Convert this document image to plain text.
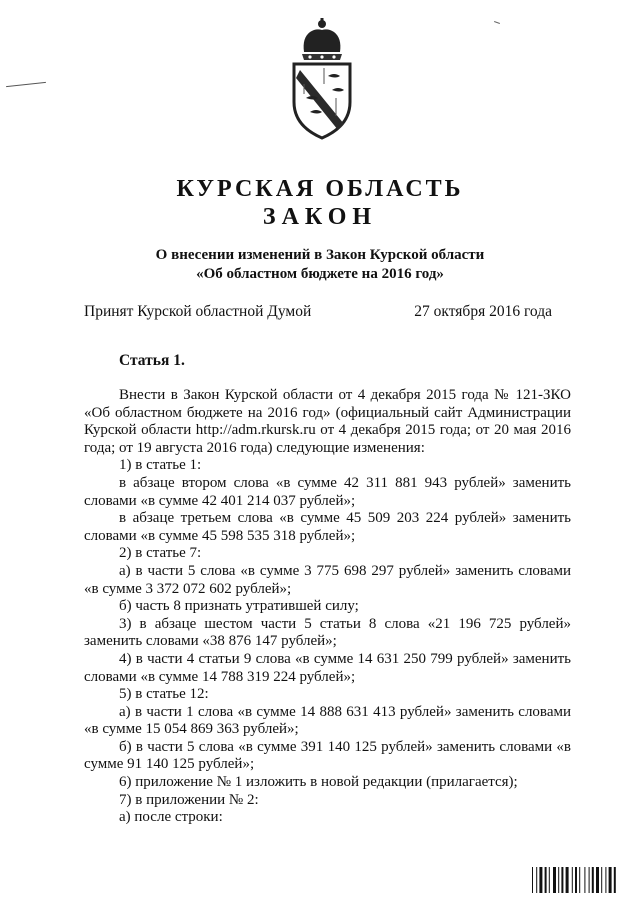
КУРСКАЯ ОБЛАСТЬ
ЗАКОН
О внесении изменений в Закон Курской области
«Об областном бюджете на 2016 год»
Принят Курской областной Думой	27 октября 2016 года
Статья 1.

Внести в Закон Курской области от 4 декабря 2015 года № 121-ЗКО «Об областном бюджете на 2016 год» (официальный сайт Администрации Курской области http://adm.rkursk.ru от 4 декабря 2015 года; от 20 мая 2016 года; от 19 августа 2016 года) следующие изменения:

1) в статье 1:

в абзаце втором слова «в сумме 42 311 881 943 рублей» заменить словами «в сумме 42 401 214 037 рублей»;

в абзаце третьем слова «в сумме 45 509 203 224 рублей» заменить словами «в сумме 45 598 535 318 рублей»;

2) в статье 7:

а) в части 5 слова «в сумме 3 775 698 297 рублей» заменить словами «в сумме 3 372 072 602 рублей»;

б) часть 8 признать утратившей силу;

3) в абзаце шестом части 5 статьи 8 слова «21 196 725 рублей» заменить словами «38 876 147 рублей»;

4) в части 4 статьи 9 слова «в сумме 14 631 250 799 рублей» заменить словами «в сумме 14 788 319 224 рублей»;

5) в статье 12:

а) в части 1 слова «в сумме 14 888 631 413 рублей» заменить словами «в сумме 15 054 869 363 рублей»;

б) в части 5 слова «в сумме 391 140 125 рублей» заменить словами «в сумме 91 140 125 рублей»;

6) приложение № 1 изложить в новой редакции (прилагается);

7) в приложении № 2:

а) после строки:
